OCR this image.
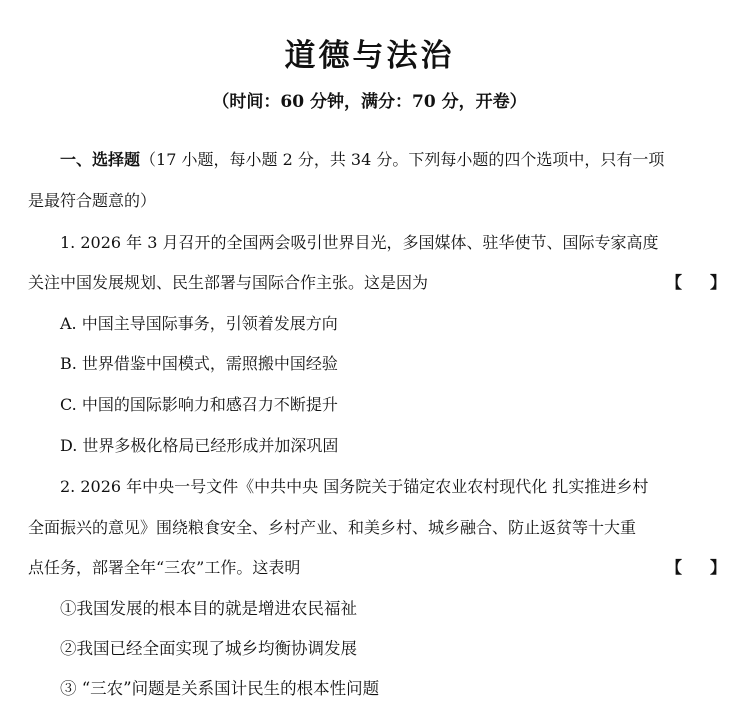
道德与法治
（时间：60 分钟，满分：70 分，开卷）
一、选择题（17 小题，每小题 2 分，共 34 分。下列每小题的四个选项中，只有一项
是最符合题意的）
1. 2026 年 3 月召开的全国两会吸引世界目光，多国媒体、驻华使节、国际专家高度
关注中国发展规划、民生部署与国际合作主张。这是因为	【 】
A. 中国主导国际事务，引领着发展方向
B. 世界借鉴中国模式，需照搬中国经验
C. 中国的国际影响力和感召力不断提升
D. 世界多极化格局已经形成并加深巩固
2. 2026 年中央一号文件《中共中央 国务院关于锚定农业农村现代化 扎实推进乡村
全面振兴的意见》围绕粮食安全、乡村产业、和美乡村、城乡融合、防止返贫等十大重
点任务，部署全年“三农”工作。这表明	【 】
①我国发展的根本目的就是增进农民福祉
②我国已经全面实现了城乡均衡协调发展
③ “三农”问题是关系国计民生的根本性问题
